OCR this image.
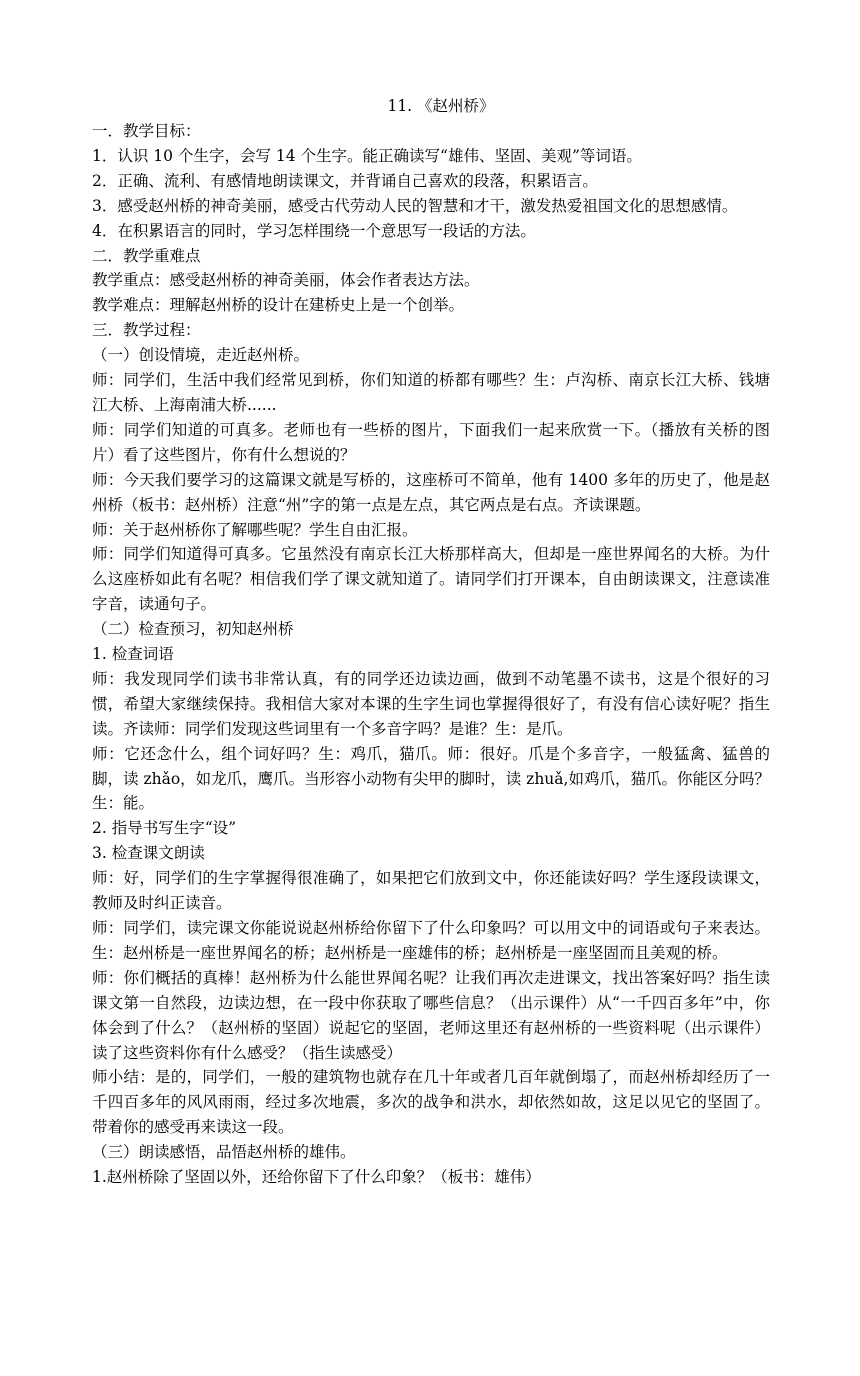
11. 《赵州桥》

一．教学目标：

1．认识 10 个生字，会写 14 个生字。能正确读写“雄伟、坚固、美观”等词语。

2．正确、流利、有感情地朗读课文，并背诵自己喜欢的段落，积累语言。

3．感受赵州桥的神奇美丽，感受古代劳动人民的智慧和才干，激发热爱祖国文化的思想感情。

4．在积累语言的同时，学习怎样围绕一个意思写一段话的方法。

二．教学重难点

教学重点：感受赵州桥的神奇美丽，体会作者表达方法。

教学难点：理解赵州桥的设计在建桥史上是一个创举。

三．教学过程：

（一）创设情境，走近赵州桥。

师：同学们，生活中我们经常见到桥，你们知道的桥都有哪些？生：卢沟桥、南京长江大桥、钱塘江大桥、上海南浦大桥......

师：同学们知道的可真多。老师也有一些桥的图片，下面我们一起来欣赏一下。（播放有关桥的图片）看了这些图片，你有什么想说的？

师：今天我们要学习的这篇课文就是写桥的，这座桥可不简单，他有 1400 多年的历史了，他是赵州桥（板书：赵州桥）注意“州”字的第一点是左点，其它两点是右点。齐读课题。

师：关于赵州桥你了解哪些呢？学生自由汇报。

师：同学们知道得可真多。它虽然没有南京长江大桥那样高大，但却是一座世界闻名的大桥。为什么这座桥如此有名呢？相信我们学了课文就知道了。请同学们打开课本，自由朗读课文，注意读准字音，读通句子。

（二）检查预习，初知赵州桥

1. 检查词语

师：我发现同学们读书非常认真，有的同学还边读边画，做到不动笔墨不读书，这是个很好的习惯，希望大家继续保持。我相信大家对本课的生字生词也掌握得很好了，有没有信心读好呢？指生读。齐读师：同学们发现这些词里有一个多音字吗？是谁？生：是爪。

师：它还念什么，组个词好吗？生：鸡爪，猫爪。师：很好。爪是个多音字，一般猛禽、猛兽的脚，读 zhǎo，如龙爪，鹰爪。当形容小动物有尖甲的脚时，读 zhuǎ,如鸡爪，猫爪。你能区分吗？生：能。

2. 指导书写生字“设”

3. 检查课文朗读

师：好，同学们的生字掌握得很准确了，如果把它们放到文中，你还能读好吗？学生逐段读课文，教师及时纠正读音。

师：同学们，读完课文你能说说赵州桥给你留下了什么印象吗？可以用文中的词语或句子来表达。生：赵州桥是一座世界闻名的桥；赵州桥是一座雄伟的桥；赵州桥是一座坚固而且美观的桥。

师：你们概括的真棒！赵州桥为什么能世界闻名呢？让我们再次走进课文，找出答案好吗？指生读课文第一自然段，边读边想，在一段中你获取了哪些信息？（出示课件）从“一千四百多年”中，你体会到了什么？（赵州桥的坚固）说起它的坚固，老师这里还有赵州桥的一些资料呢（出示课件）读了这些资料你有什么感受？（指生读感受）

师小结：是的，同学们，一般的建筑物也就存在几十年或者几百年就倒塌了，而赵州桥却经历了一千四百多年的风风雨雨，经过多次地震，多次的战争和洪水，却依然如故，这足以见它的坚固了。带着你的感受再来读这一段。

（三）朗读感悟，品悟赵州桥的雄伟。

1.赵州桥除了坚固以外，还给你留下了什么印象？（板书：雄伟）
